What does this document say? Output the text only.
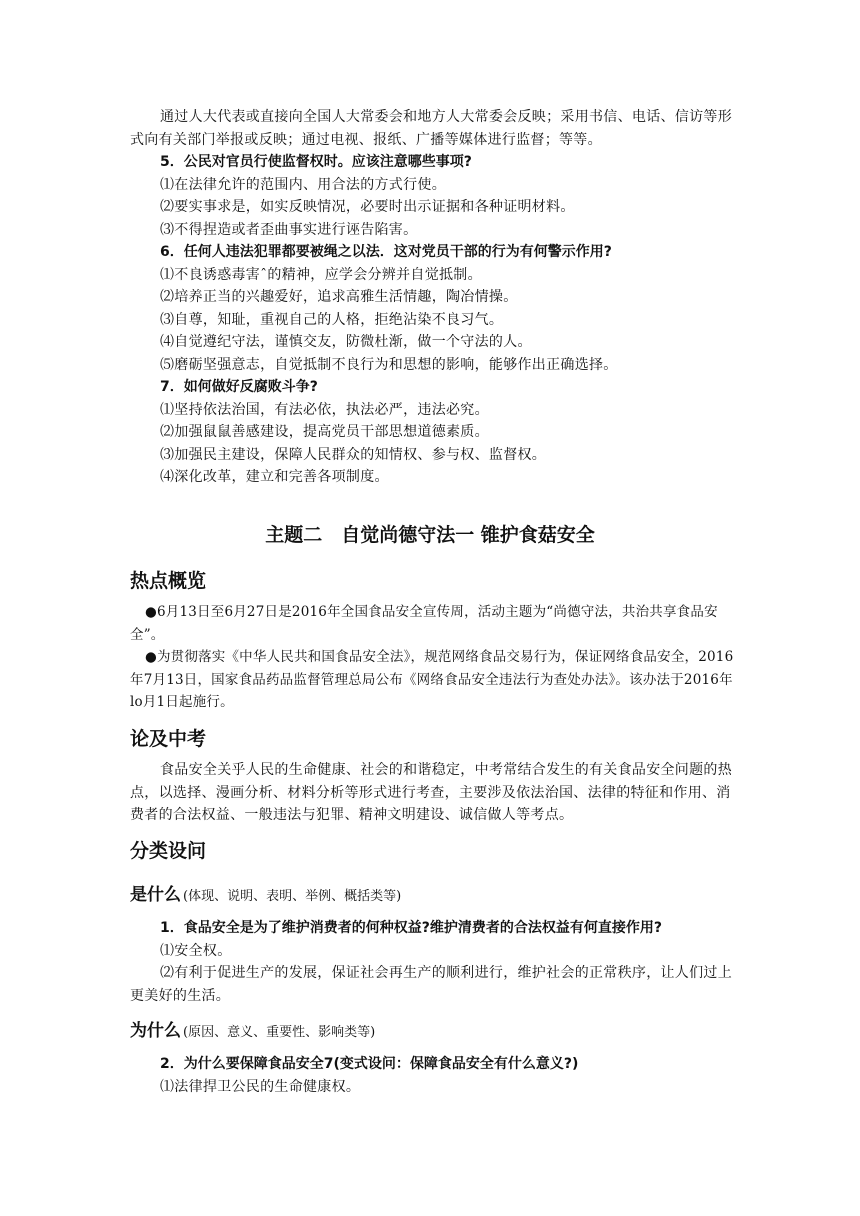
通过人大代表或直接向全国人大常委会和地方人大常委会反映；采用书信、电话、信访等形式向有关部门举报或反映；通过电视、报纸、广播等媒体进行监督；等等。

5．公民对官员行使监督权时。应该注意哪些事项?

⑴在法律允许的范围内、用合法的方式行使。

⑵要实事求是，如实反映情况，必要时出示证据和各种证明材料。

⑶不得捏造或者歪曲事实进行诬告陷害。

6．任何人违法犯罪都要被绳之以法．这对党员干部的行为有何警示作用?

⑴不良诱惑毒害ˆ的精神，应学会分辨并自觉抵制。

⑵培养正当的兴趣爱好，追求高雅生活情趣，陶冶情操。

⑶自尊，知耻，重视自己的人格，拒绝沾染不良习气。

⑷自觉遵纪守法，谨慎交友，防微杜渐，做一个守法的人。

⑸磨砺坚强意志，自觉抵制不良行为和思想的影响，能够作出正确选择。

7．如何做好反腐败斗争?

⑴坚持依法治国，有法必依，执法必严，违法必究。

⑵加强鼠鼠善感建设，提高党员干部思想道德素质。

⑶加强民主建设，保障人民群众的知情权、参与权、监督权。

⑷深化改革，建立和完善各项制度。

主题二　自觉尚德守法一 锥护食菇安全
热点概览

●6月13日至6月27日是2016年全国食品安全宣传周，活动主题为“尚德守法，共治共享食品安全”。

●为贯彻落实《中华人民共和国食品安全法》，规范网络食品交易行为，保证网络食品安全，2016年7月13日，国家食品药品监督管理总局公布《网络食品安全违法行为查处办法》。该办法于2016年lo月1日起施行。

论及中考

食品安全关乎人民的生命健康、社会的和谐稳定，中考常结合发生的有关食品安全问题的热点，以选择、漫画分析、材料分析等形式进行考查，主要涉及依法治国、法律的特征和作用、消费者的合法权益、一般违法与犯罪、精神文明建设、诚信做人等考点。

分类设问
是什么 (体现、说明、表明、举例、概括类等)

1．食品安全是为了维护消费者的何种权益?维护清费者的合法权益有何直接作用?

⑴安全权。

⑵有利于促进生产的发展，保证社会再生产的顺利进行，维护社会的正常秩序，让人们过上更美好的生活。

为什么 (原因、意义、重要性、影响类等)

2．为什么要保障食品安全7(变式设问：保障食品安全有什么意义?)

⑴法律捍卫公民的生命健康权。
